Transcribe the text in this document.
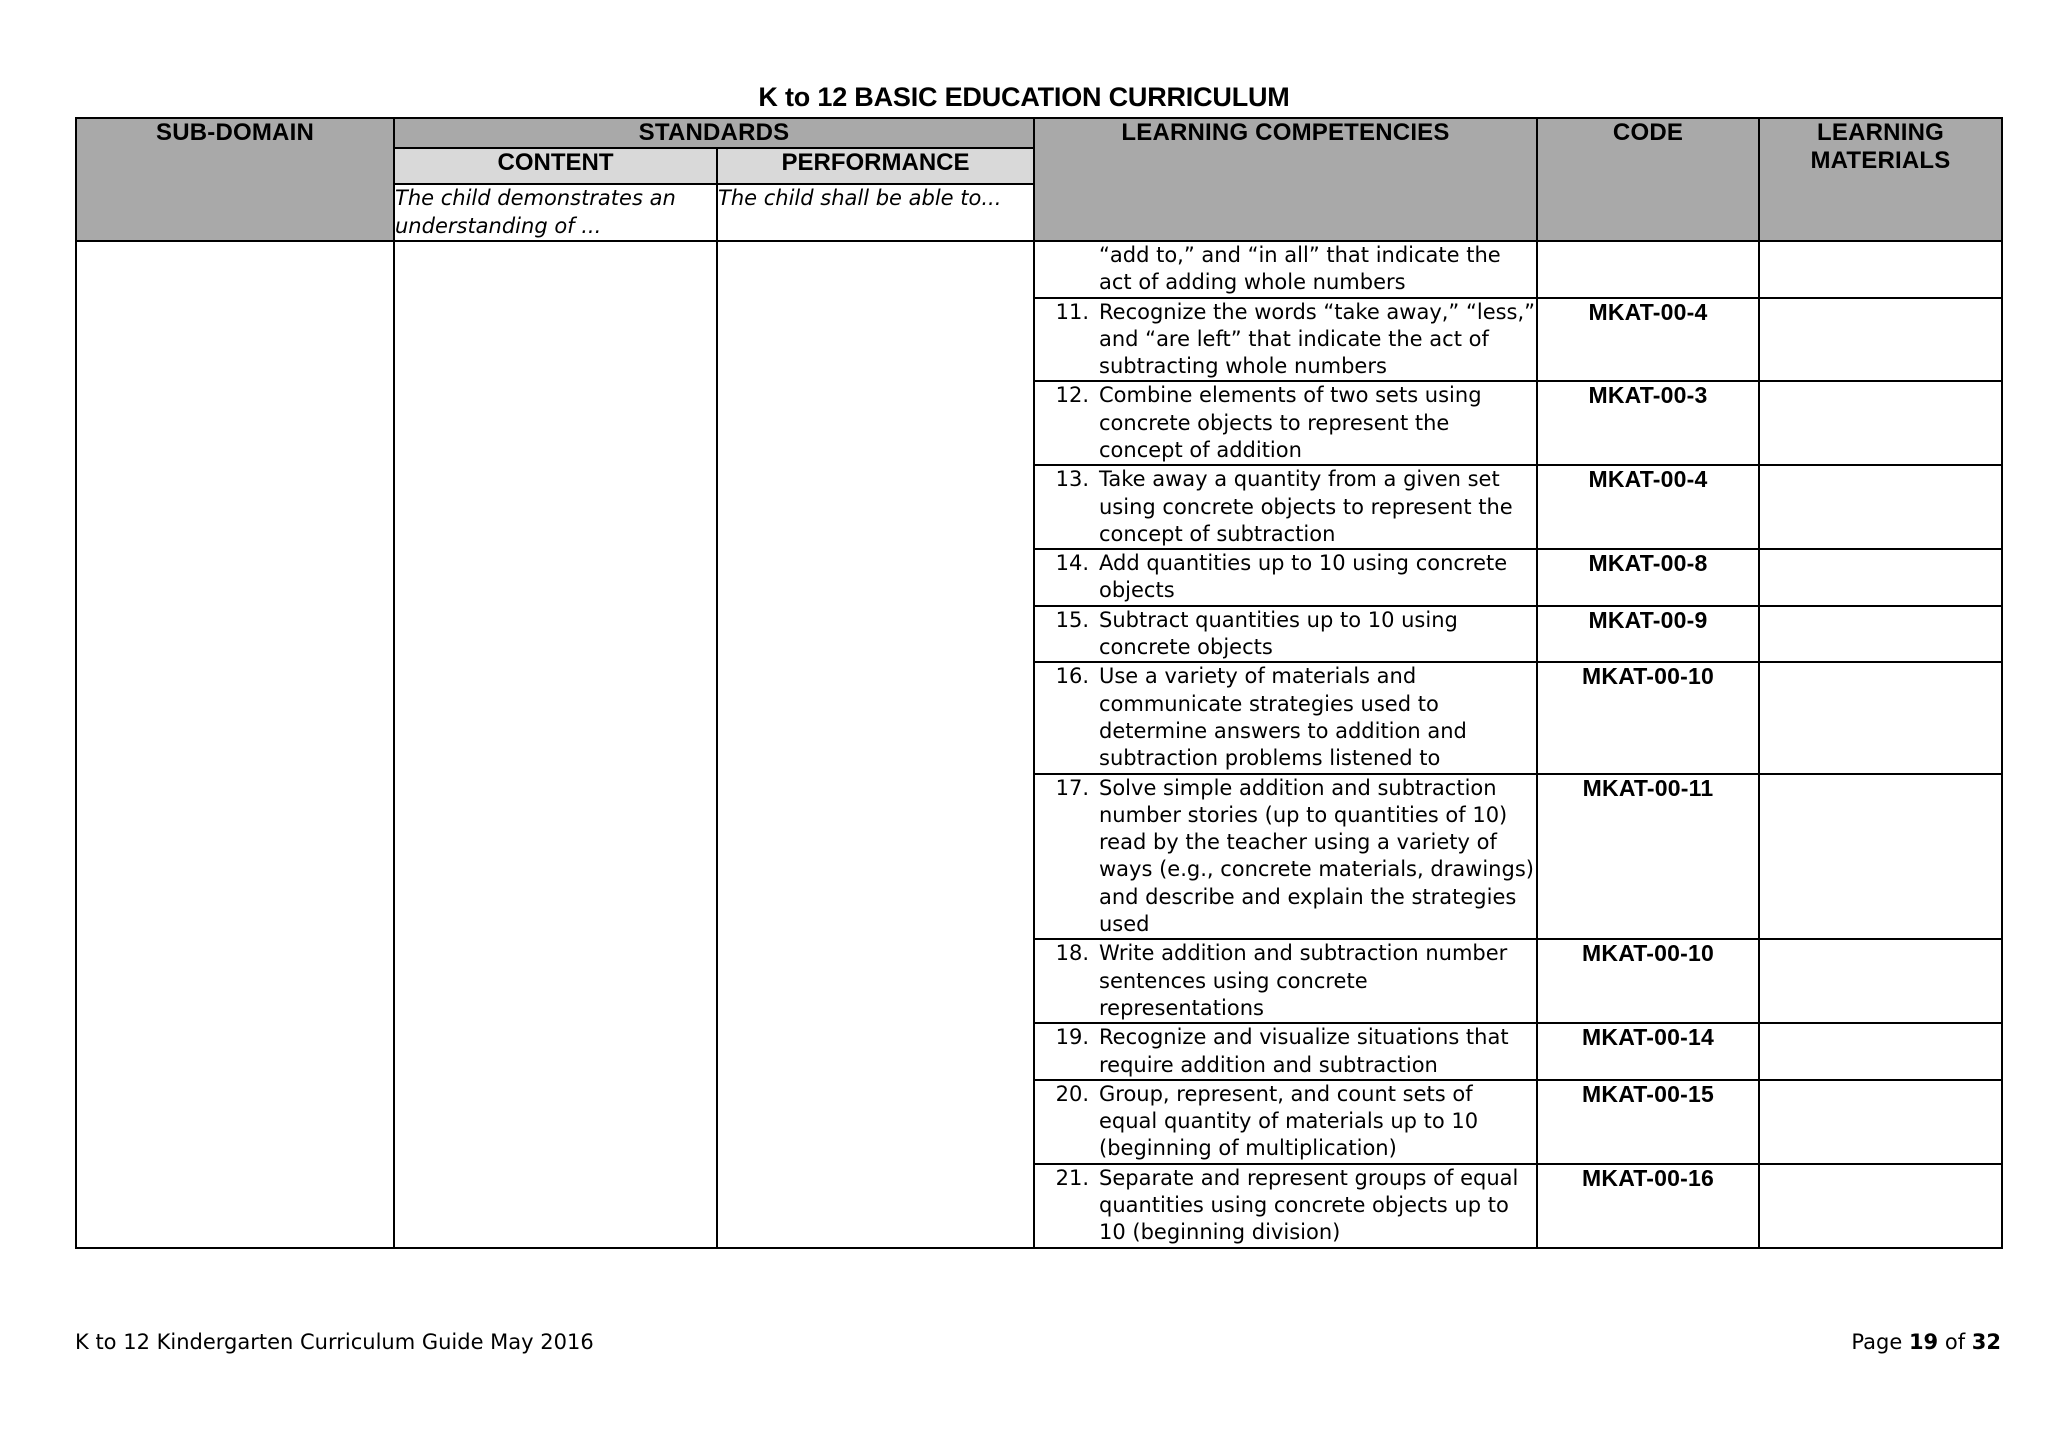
K to 12 BASIC EDUCATION CURRICULUM
SUB-DOMAIN	STANDARDS		LEARNING COMPETENCIES	CODE	LEARNING MATERIALS
	CONTENT	PERFORMANCE			
	The child demonstrates an understanding of ...	The child shall be able to...			

			“add to,” and “in all” that indicate the act of adding whole numbers		

			11. Recognize the words “take away,” “less,” and “are left” that indicate the act of subtracting whole numbers	MKAT-00-4	

			12. Combine elements of two sets using concrete objects to represent the concept of addition	MKAT-00-3	

			13. Take away a quantity from a given set using concrete objects to represent the concept of subtraction	MKAT-00-4	

			14. Add quantities up to 10 using concrete objects	MKAT-00-8	

			15. Subtract quantities up to 10 using concrete objects	MKAT-00-9	

			16. Use a variety of materials and communicate strategies used to determine answers to addition and subtraction problems listened to	MKAT-00-10	

			17. Solve simple addition and subtraction number stories (up to quantities of 10) read by the teacher using a variety of ways (e.g., concrete materials, drawings) and describe and explain the strategies used	MKAT-00-11	

			18. Write addition and subtraction number sentences using concrete representations	MKAT-00-10	

			19. Recognize and visualize situations that require addition and subtraction	MKAT-00-14	

			20. Group, represent, and count sets of equal quantity of materials up to 10 (beginning of multiplication)	MKAT-00-15	

			21. Separate and represent groups of equal quantities using concrete objects up to 10 (beginning division)	MKAT-00-16	
K to 12 Kindergarten Curriculum Guide May 2016	Page 19 of 32
